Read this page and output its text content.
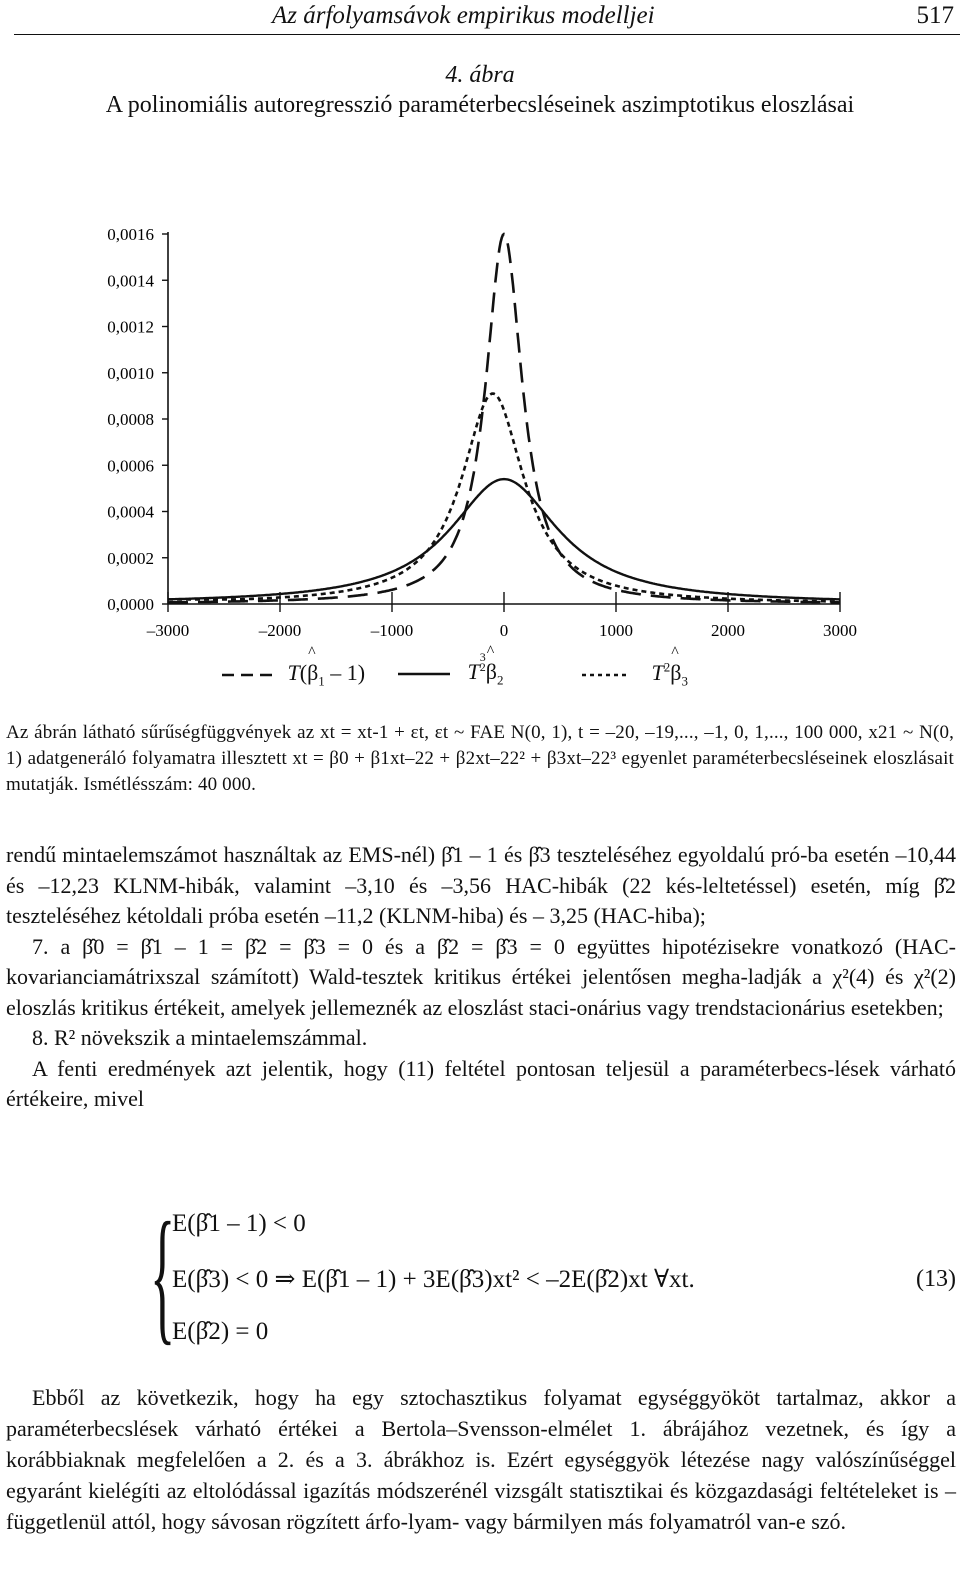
Az árfolyamsávok empirikus modelljei	517
4. ábra
A polinomiális autoregresszió paraméterbecsléseinek aszimptotikus eloszlásai
0,0000
0,0002
0,0004
0,0006
0,0008
0,0010
0,0012
0,0014
0,0016
–3000	–2000	–1000	0	1000	2000	3000
T(β
^
$_1$ – 1)	$T^{3 2}\beta$
^
$_2$	$T^2\beta$
^
$_3$
Az ábrán látható sűrűségfüggvények az xt = xt-1 + εt, εt ~ FAE N(0, 1), t = –20, –19,..., –1, 0, 1,..., 100 000, x21 ~ N(0, 1) adatgeneráló folyamatra illesztett xt = β0 + β1xt–22 + β2xt–22² + β3xt–22³ egyenlet paraméterbecsléseinek eloszlásait mutatják. Ismétlésszám: 40 000.

rendű mintaelemszámot használtak az EMS-nél) β̂1 – 1 és β̂3 teszteléséhez egyoldalú pró-ba esetén –10,44 és –12,23 KLNM-hibák, valamint –3,10 és –3,56 HAC-hibák (22 kés-leltetéssel) esetén, míg β̂2 teszteléséhez kétoldali próba esetén –11,2 (KLNM-hiba) és – 3,25 (HAC-hiba);

7. a β̂0 = β̂1 – 1 = β̂2 = β̂3 = 0 és a β̂2 = β̂3 = 0 együttes hipotézisekre vonatkozó (HAC-kovarianciamátrixszal számított) Wald-tesztek kritikus értékei jelentősen megha-ladják a χ²(4) és χ²(2) eloszlás kritikus értékeit, amelyek jellemeznék az eloszlást staci-onárius vagy trendstacionárius esetekben;

8. R² növekszik a mintaelemszámmal.

A fenti eredmények azt jelentik, hogy (11) feltétel pontosan teljesül a paraméterbecs-lések várható értékeire, mivel

{
E(β̂1 – 1) < 0
E(β̂3) < 0 ⇒ E(β̂1 – 1) + 3E(β̂3)xt² < –2E(β̂2)xt ∀xt.
E(β̂2) = 0
(13)

Ebből az következik, hogy ha egy sztochasztikus folyamat egységgyököt tartalmaz, akkor a paraméterbecslések várható értékei a Bertola–Svensson-elmélet 1. ábrájához vezetnek, és így a korábbiaknak megfelelően a 2. és a 3. ábrákhoz is. Ezért egységgyök létezése nagy valószínűséggel egyaránt kielégíti az eltolódással igazítás módszerénél vizsgált statisztikai és közgazdasági feltételeket is – függetlenül attól, hogy sávosan rögzített árfo-lyam- vagy bármilyen más folyamatról van-e szó.
